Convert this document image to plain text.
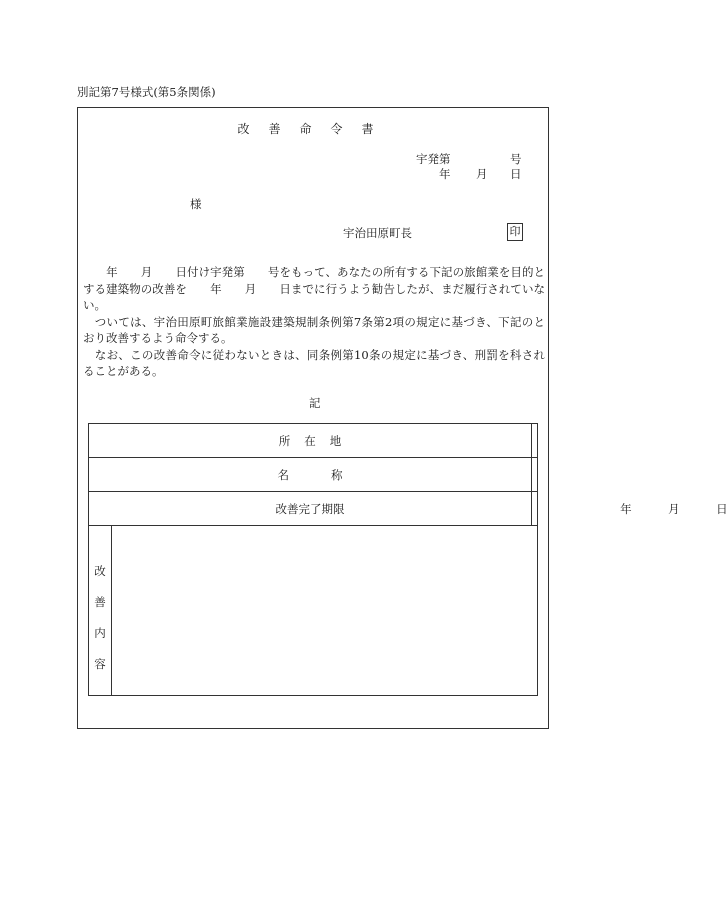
別記第7号様式(第5条関係)
改善命令書
宇発第	号
年 月 日
様
宇治田原町長	印

　　年　　月　　日付け宇発第　　号をもって、あなたの所有する下記の旅館業を目的とする建築物の改善を　　年　　月　　日までに行うよう勧告したが、まだ履行されていない。

　ついては、宇治田原町旅館業施設建築規制条例第7条第2項の規定に基づき、下記のとおり改善するよう命令する。

　なお、この改善命令に従わないときは、同条例第10条の規定に基づき、刑罰を科されることがある。

記
所在地		
名称		
改善完了期限		年 月 日

改
善
内
容		
